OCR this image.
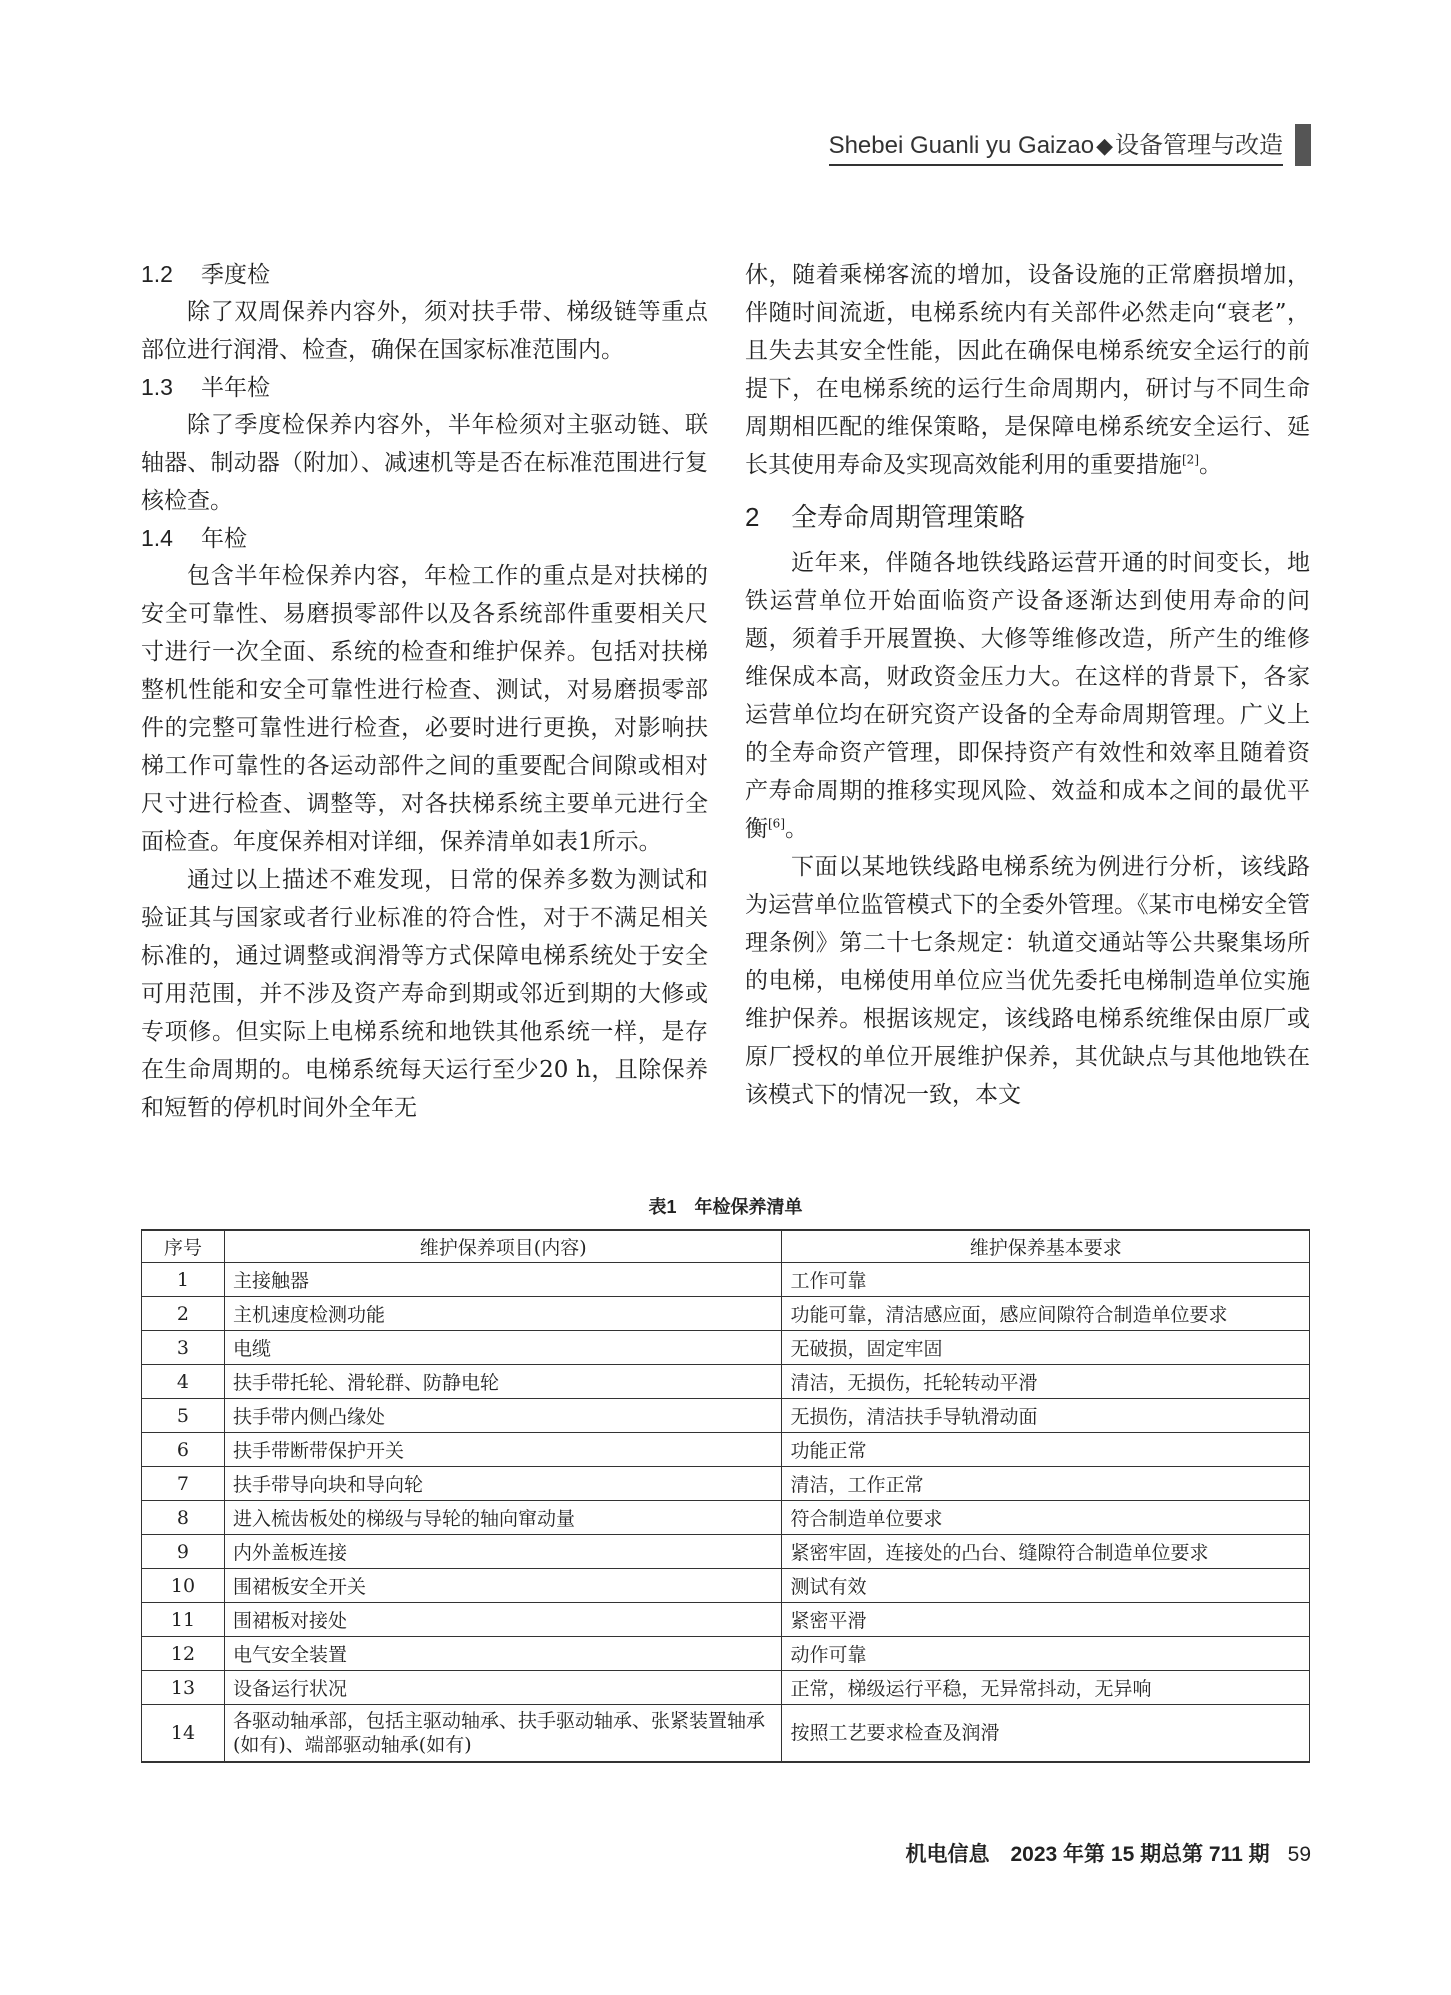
Shebei Guanli yu Gaizao◆设备管理与改造
1.2 季度检

除了双周保养内容外，须对扶手带、梯级链等重点部位进行润滑、检查，确保在国家标准范围内。

1.3 半年检

除了季度检保养内容外，半年检须对主驱动链、联轴器、制动器（附加）、减速机等是否在标准范围进行复核检查。

1.4 年检

包含半年检保养内容，年检工作的重点是对扶梯的安全可靠性、易磨损零部件以及各系统部件重要相关尺寸进行一次全面、系统的检查和维护保养。包括对扶梯整机性能和安全可靠性进行检查、测试，对易磨损零部件的完整可靠性进行检查，必要时进行更换，对影响扶梯工作可靠性的各运动部件之间的重要配合间隙或相对尺寸进行检查、调整等，对各扶梯系统主要单元进行全面检查。年度保养相对详细，保养清单如表1所示。

通过以上描述不难发现，日常的保养多数为测试和验证其与国家或者行业标准的符合性，对于不满足相关标准的，通过调整或润滑等方式保障电梯系统处于安全可用范围，并不涉及资产寿命到期或邻近到期的大修或专项修。但实际上电梯系统和地铁其他系统一样，是存在生命周期的。电梯系统每天运行至少20 h，且除保养和短暂的停机时间外全年无

休，随着乘梯客流的增加，设备设施的正常磨损增加，伴随时间流逝，电梯系统内有关部件必然走向“衰老”，且失去其安全性能，因此在确保电梯系统安全运行的前提下，在电梯系统的运行生命周期内，研讨与不同生命周期相匹配的维保策略，是保障电梯系统安全运行、延长其使用寿命及实现高效能利用的重要措施[2]。

2 全寿命周期管理策略

近年来，伴随各地铁线路运营开通的时间变长，地铁运营单位开始面临资产设备逐渐达到使用寿命的问题，须着手开展置换、大修等维修改造，所产生的维修维保成本高，财政资金压力大。在这样的背景下，各家运营单位均在研究资产设备的全寿命周期管理。广义上的全寿命资产管理，即保持资产有效性和效率且随着资产寿命周期的推移实现风险、效益和成本之间的最优平衡[6]。

下面以某地铁线路电梯系统为例进行分析，该线路为运营单位监管模式下的全委外管理。《某市电梯安全管理条例》第二十七条规定：轨道交通站等公共聚集场所的电梯，电梯使用单位应当优先委托电梯制造单位实施维护保养。根据该规定，该线路电梯系统维保由原厂或原厂授权的单位开展维护保养，其优缺点与其他地铁在该模式下的情况一致，本文

表1　年检保养清单
序号	维护保养项目(内容)	维护保养基本要求
1	主接触器	工作可靠
2	主机速度检测功能	功能可靠，清洁感应面，感应间隙符合制造单位要求
3	电缆	无破损，固定牢固
4	扶手带托轮、滑轮群、防静电轮	清洁，无损伤，托轮转动平滑
5	扶手带内侧凸缘处	无损伤，清洁扶手导轨滑动面
6	扶手带断带保护开关	功能正常
7	扶手带导向块和导向轮	清洁，工作正常
8	进入梳齿板处的梯级与导轮的轴向窜动量	符合制造单位要求
9	内外盖板连接	紧密牢固，连接处的凸台、缝隙符合制造单位要求
10	围裙板安全开关	测试有效
11	围裙板对接处	紧密平滑
12	电气安全装置	动作可靠
13	设备运行状况	正常，梯级运行平稳，无异常抖动，无异响
14	各驱动轴承部，包括主驱动轴承、扶手驱动轴承、张紧装置轴承(如有)、端部驱动轴承(如有)	按照工艺要求检查及润滑
机电信息　2023 年第 15 期总第 711 期 59
